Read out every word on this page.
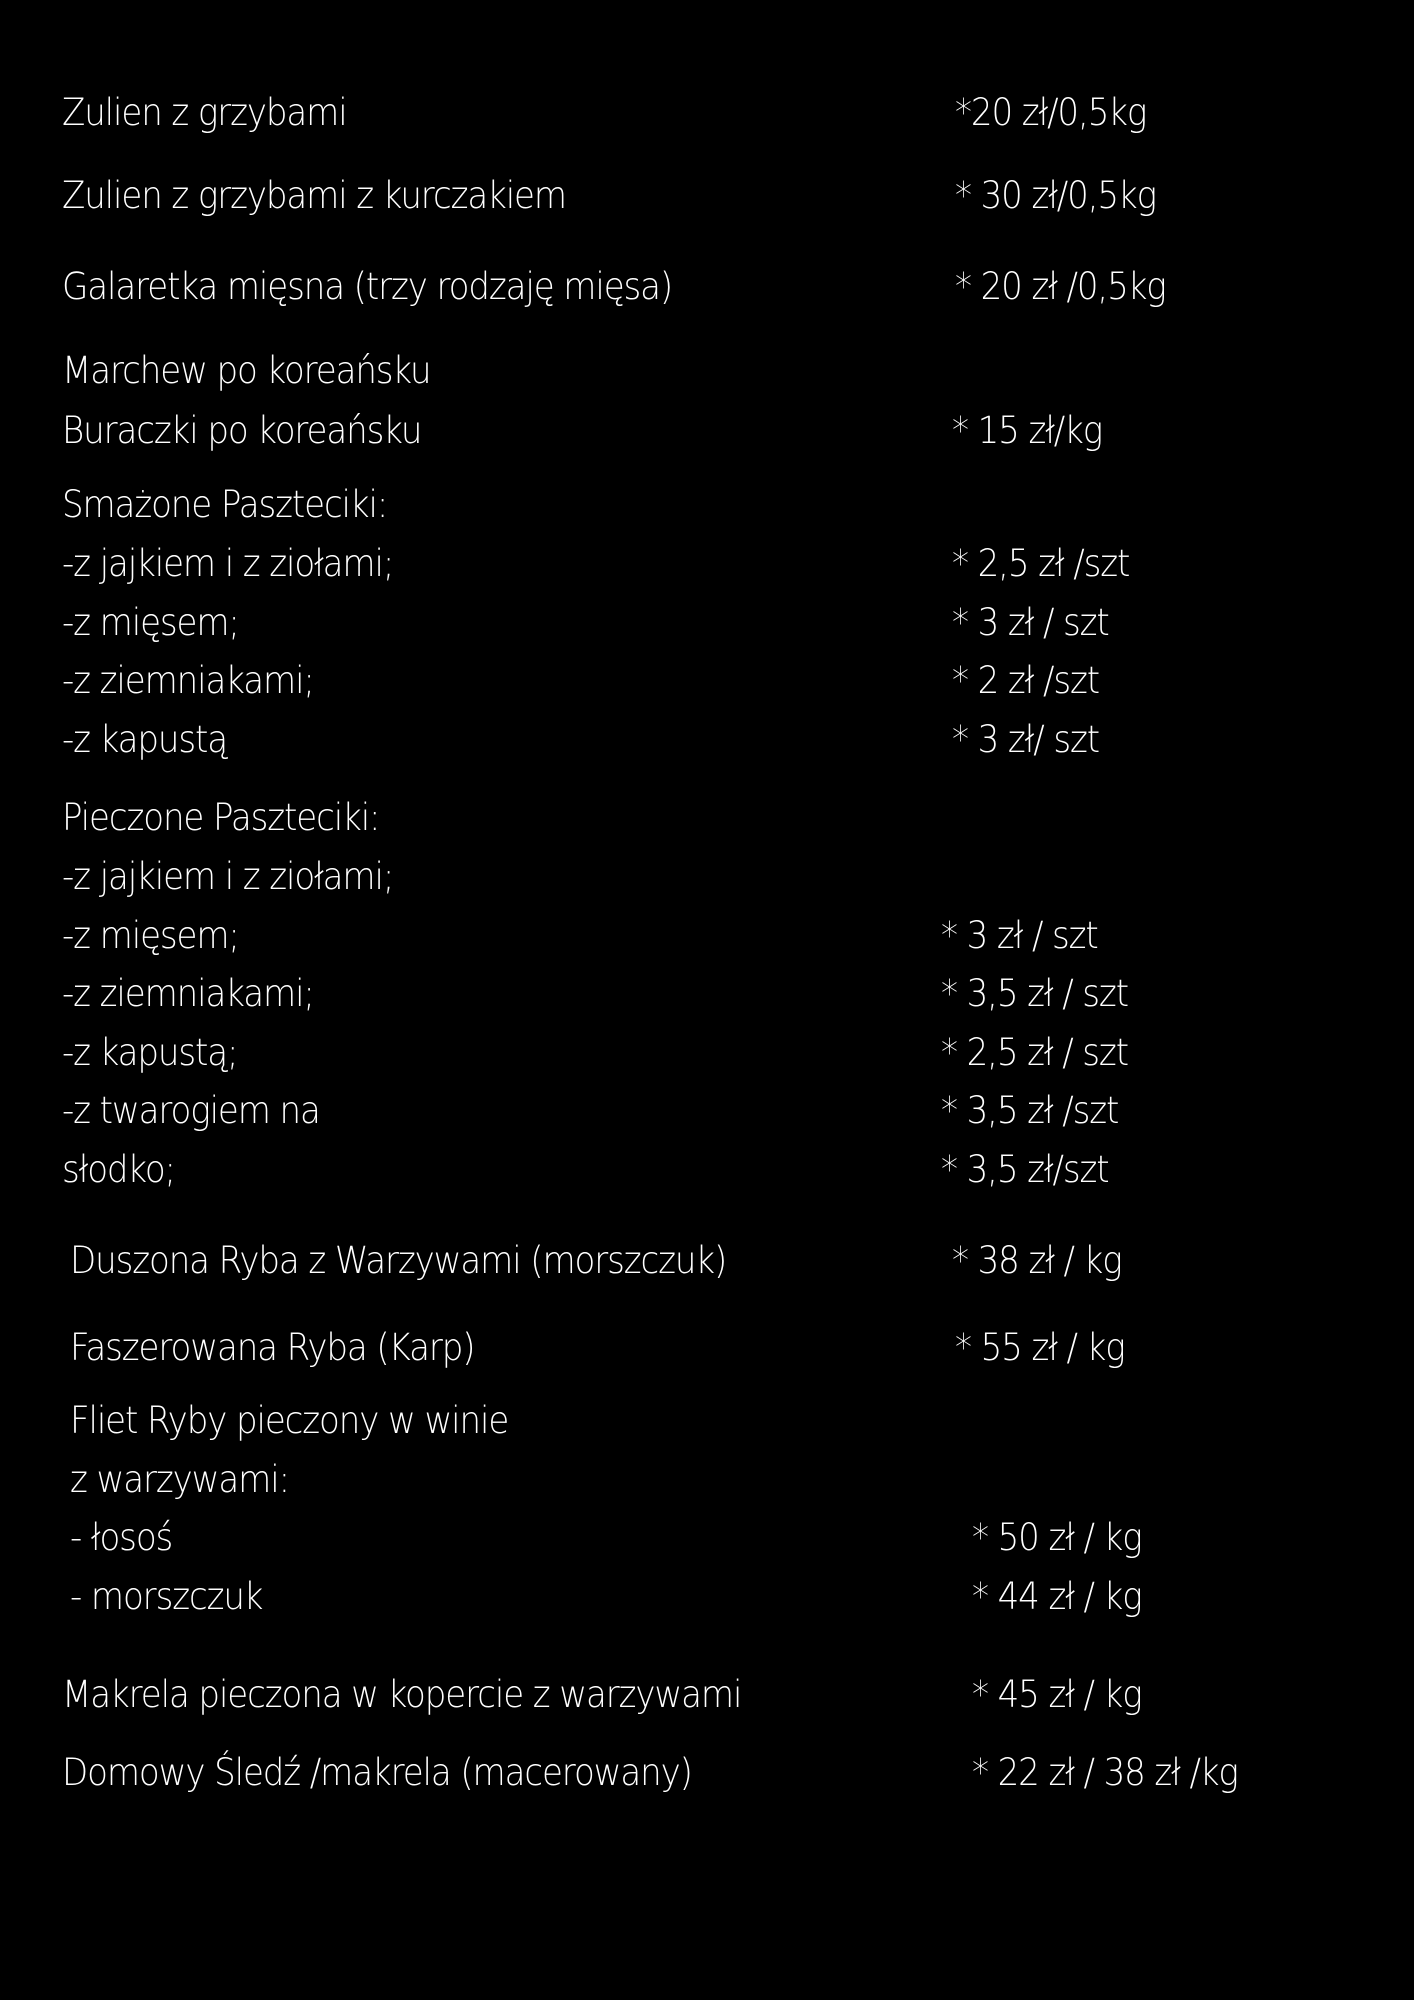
Zulien z grzybami	*20 zł/0,5kg
Zulien z grzybami z kurczakiem	* 30 zł/0,5kg
Galaretka mięsna (trzy rodzaję mięsa)	* 20 zł /0,5kg
Marchew po koreańsku
Buraczki po koreańsku	* 15 zł/kg
Smażone Paszteciki:
-z jajkiem i z ziołami;	* 2,5 zł /szt
-z mięsem;	* 3 zł / szt
-z ziemniakami;	* 2 zł /szt
-z kapustą	* 3 zł/ szt
Pieczone Paszteciki:
-z jajkiem i z ziołami;
-z mięsem;	* 3 zł / szt
-z ziemniakami;	* 3,5 zł / szt
-z kapustą;	* 2,5 zł / szt
-z twarogiem na	* 3,5 zł /szt
słodko;	* 3,5 zł/szt
Duszona Ryba z Warzywami (morszczuk)	* 38 zł / kg
Faszerowana Ryba (Karp)	* 55 zł / kg
Fliet Ryby pieczony w winie
z warzywami:
- łosoś	* 50 zł / kg
- morszczuk	* 44 zł / kg
Makrela pieczona w kopercie z warzywami	* 45 zł / kg
Domowy Śledź /makrela (macerowany)	* 22 zł / 38 zł /kg
